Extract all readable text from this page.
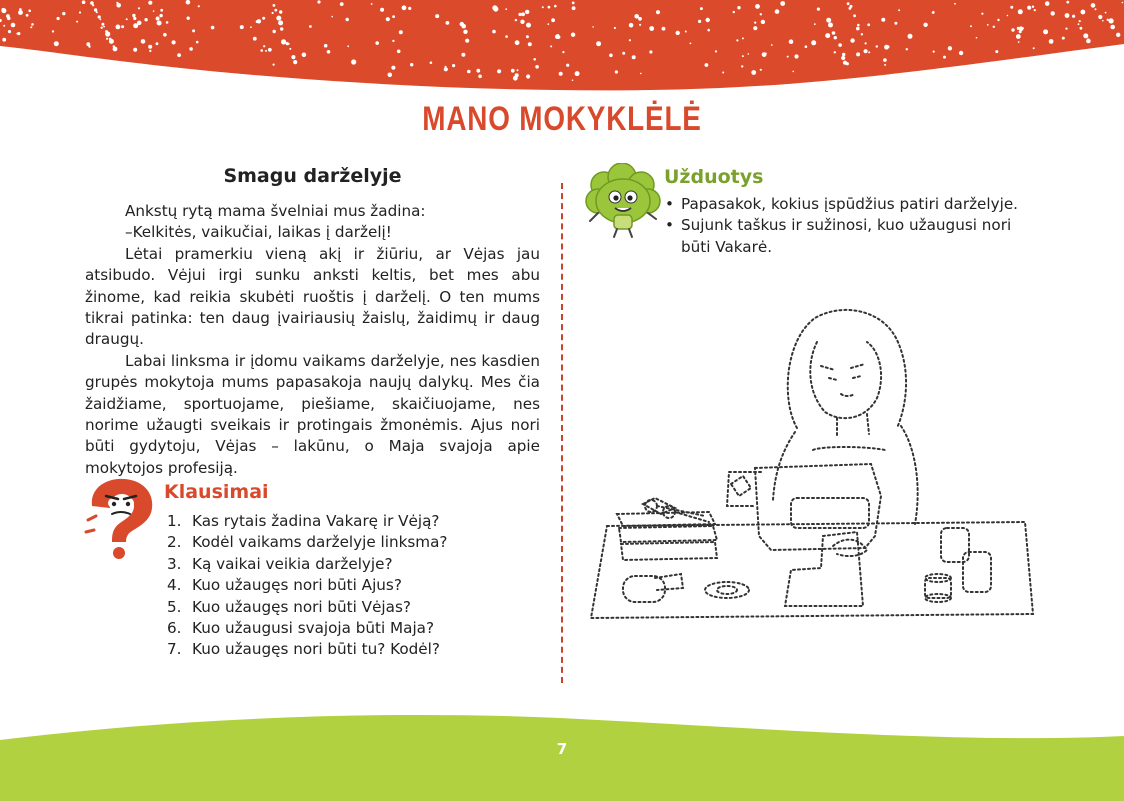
MANO MOKYKLĖLĖ
Smagu darželyje

Ankstų rytą mama švelniai mus žadina:

–Kelkitės, vaikučiai, laikas į darželį!

Lėtai pramerkiu vieną akį ir žiūriu, ar Vėjas jau atsibudo. Vėjui irgi sunku anksti keltis, bet mes abu žinome, kad reikia skubėti ruoštis į darželį. O ten mums tikrai patinka: ten daug įvairiausių žaislų, žaidimų ir daug draugų.

Labai linksma ir įdomu vaikams darželyje, nes kasdien grupės mokytoja mums papasakoja naujų dalykų. Mes čia žaidžiame, sportuojame, piešiame, skaičiuojame, nes norime užaugti sveikais ir protingais žmonėmis. Ajus nori būti gydytoju, Vėjas – lakūnu, o Maja svajoja apie mokytojos profesiją.

Klausimai
1. Kas rytais žadina Vakarę ir Vėją?
2. Kodėl vaikams darželyje linksma?
3. Ką vaikai veikia darželyje?
4. Kuo užaugęs nori būti Ajus?
5. Kuo užaugęs nori būti Vėjas?
6. Kuo užaugusi svajoja būti Maja?
7. Kuo užaugęs nori būti tu? Kodėl?
Užduotys
• Papasakok, kokius įspūdžius patiri darželyje.
• Sujunk taškus ir sužinosi, kuo užaugusi nori būti Vakarė.
7
